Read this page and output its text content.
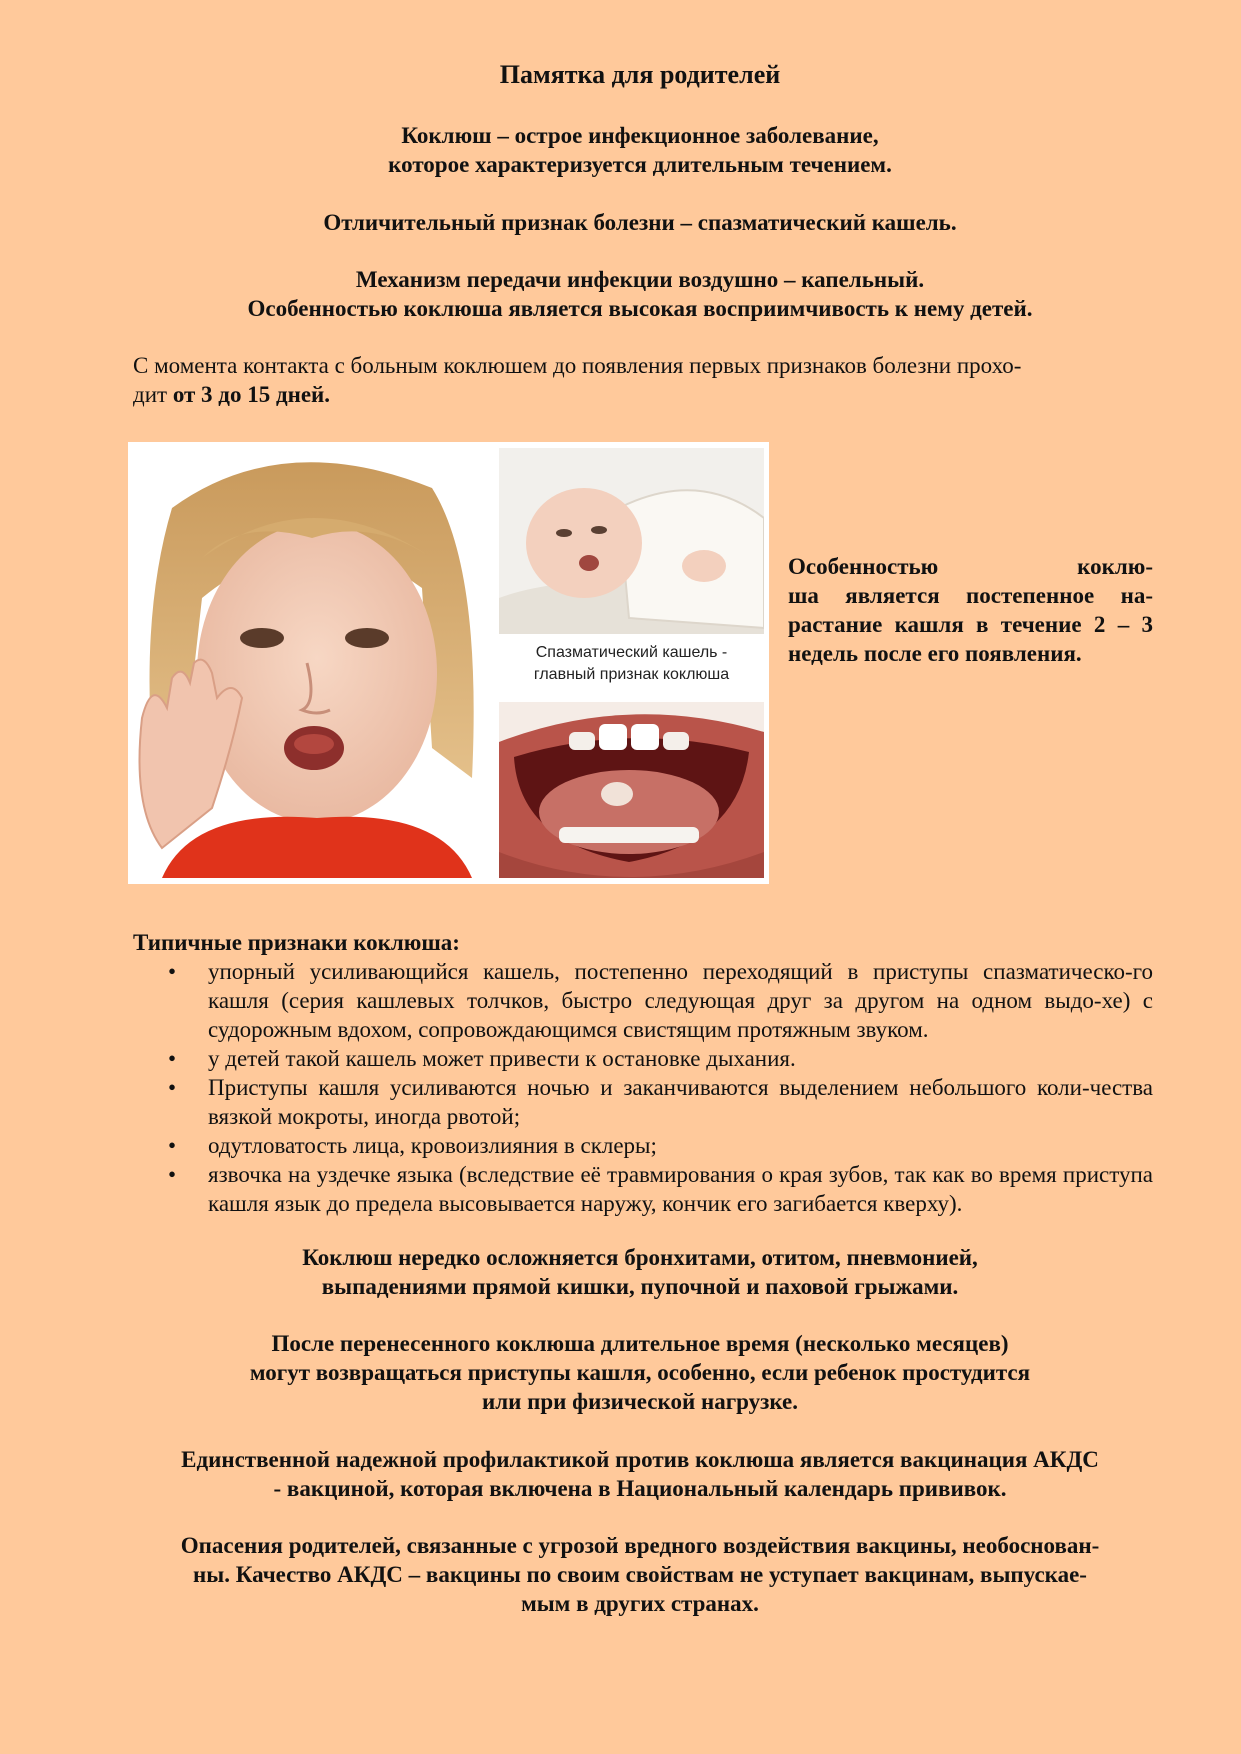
Памятка для родителей
Коклюш – острое инфекционное заболевание,
которое характеризуется длительным течением.
Отличительный признак болезни – спазматический кашель.
Механизм передачи инфекции воздушно – капельный.
Особенностью коклюша является высокая восприимчивость к нему детей.
С момента контакта с больным коклюшем до появления первых признаков болезни прохо-
дит от 3 до 15 дней.
Спазматический кашель -
главный признак коклюша
Особенностью	коклю-
ша является постепенное на-
растание кашля в течение 2 – 3
недель после его появления.
Типичные признаки коклюша:
• упорный усиливающийся кашель, постепенно переходящий в приступы спазматическо-го кашля (серия кашлевых толчков, быстро следующая друг за другом на одном выдо-хе) с судорожным вдохом, сопровождающимся свистящим протяжным звуком.
• у детей такой кашель может привести к остановке дыхания.
• Приступы кашля усиливаются ночью и заканчиваются выделением небольшого коли-чества вязкой мокроты, иногда рвотой;
• одутловатость лица, кровоизлияния в склеры;
• язвочка на уздечке языка (вследствие её травмирования о края зубов, так как во время приступа кашля язык до предела высовывается наружу, кончик его загибается кверху).
Коклюш нередко осложняется бронхитами, отитом, пневмонией,
выпадениями прямой кишки, пупочной и паховой грыжами.
После перенесенного коклюша длительное время (несколько месяцев)
могут возвращаться приступы кашля, особенно, если ребенок простудится
или при физической нагрузке.
Единственной надежной профилактикой против коклюша является вакцинация АКДС
- вакциной, которая включена в Национальный календарь прививок.
Опасения родителей, связанные с угрозой вредного воздействия вакцины, необоснован-
ны. Качество АКДС – вакцины по своим свойствам не уступает вакцинам, выпускае-
мым в других странах.
